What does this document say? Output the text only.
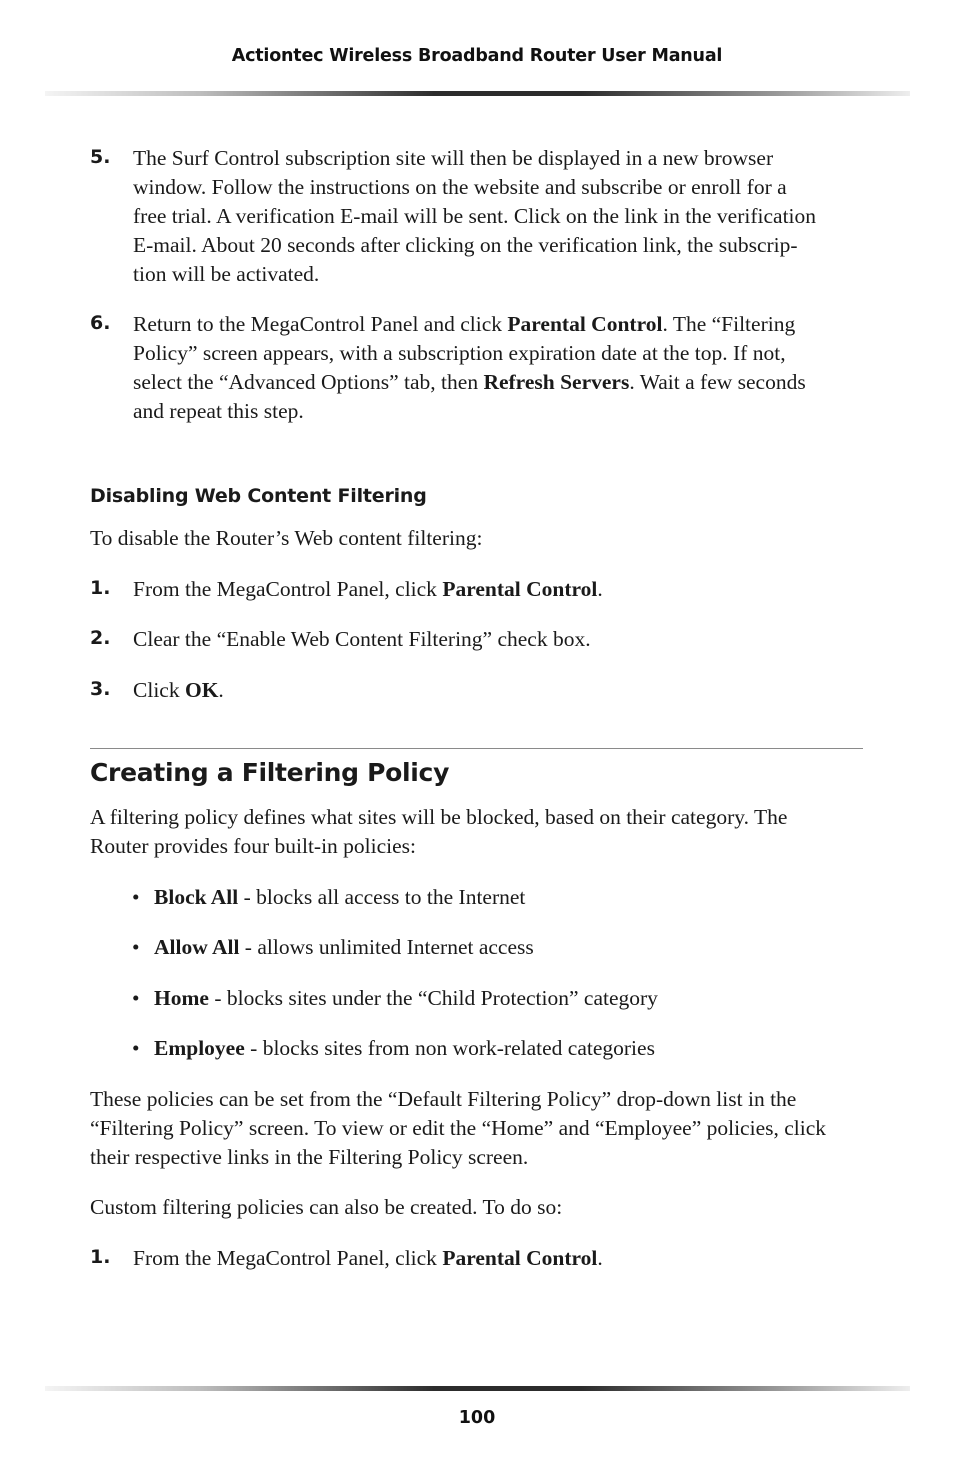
Actiontec Wireless Broadband Router User Manual
5. The Surf Control subscription site will then be displayed in a new browser
window. Follow the instructions on the website and subscribe or enroll for a
free trial. A verification E-mail will be sent. Click on the link in the verification
E-mail. About 20 seconds after clicking on the verification link, the subscrip-
tion will be activated.
6. Return to the MegaControl Panel and click Parental Control. The “Filtering
Policy” screen appears, with a subscription expiration date at the top. If not,
select the “Advanced Options” tab, then Refresh Servers. Wait a few seconds
and repeat this step.
Disabling Web Content Filtering
To disable the Router’s Web content filtering:
1. From the MegaControl Panel, click Parental Control.
2. Clear the “Enable Web Content Filtering” check box.
3. Click OK.
Creating a Filtering Policy
A filtering policy defines what sites will be blocked, based on their category. The
Router provides four built-in policies:
• Block All - blocks all access to the Internet
• Allow All - allows unlimited Internet access
• Home - blocks sites under the “Child Protection” category
• Employee - blocks sites from non work-related categories
These policies can be set from the “Default Filtering Policy” drop-down list in the
“Filtering Policy” screen. To view or edit the “Home” and “Employee” policies, click
their respective links in the Filtering Policy screen.
Custom filtering policies can also be created. To do so:
1. From the MegaControl Panel, click Parental Control.
100
